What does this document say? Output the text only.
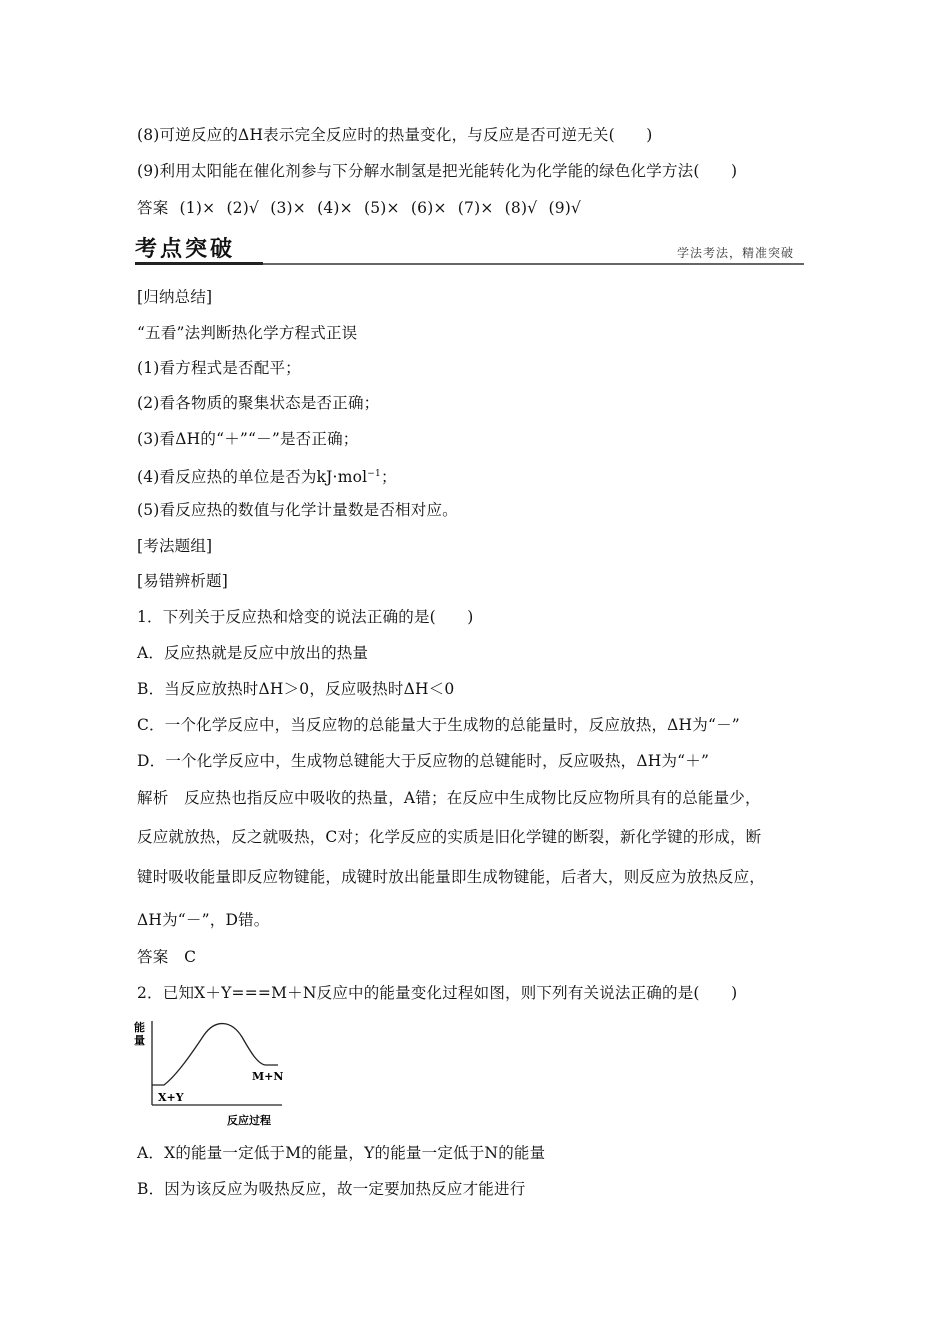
(8)可逆反应的ΔH表示完全反应时的热量变化，与反应是否可逆无关(　　)
(9)利用太阳能在催化剂参与下分解水制氢是把光能转化为化学能的绿色化学方法(　　)
答案 (1)× (2)√ (3)× (4)× (5)× (6)× (7)× (8)√ (9)√
考点突破	学法考法，精准突破
[归纳总结]
“五看”法判断热化学方程式正误
(1)看方程式是否配平；
(2)看各物质的聚集状态是否正确；
(3)看ΔH的“＋”“－”是否正确；
(4)看反应热的单位是否为kJ·mol$^{-1}$；
(5)看反应热的数值与化学计量数是否相对应。
[考法题组]
[易错辨析题]
1．下列关于反应热和焓变的说法正确的是(　　)
A．反应热就是反应中放出的热量
B．当反应放热时ΔH＞0，反应吸热时ΔH＜0
C．一个化学反应中，当反应物的总能量大于生成物的总能量时，反应放热，ΔH为“－”
D．一个化学反应中，生成物总键能大于反应物的总键能时，反应吸热，ΔH为“＋”
解析　反应热也指反应中吸收的热量，A错；在反应中生成物比反应物所具有的总能量少，
反应就放热，反之就吸热，C对；化学反应的实质是旧化学键的断裂，新化学键的形成，断
键时吸收能量即反应物键能，成键时放出能量即生成物键能，后者大，则反应为放热反应，
ΔH为“－”，D错。
答案　C
2．已知X＋Y===M＋N反应中的能量变化过程如图，则下列有关说法正确的是(　　)
能
量
X+Y
M+N
反应过程
A．X的能量一定低于M的能量，Y的能量一定低于N的能量
B．因为该反应为吸热反应，故一定要加热反应才能进行
